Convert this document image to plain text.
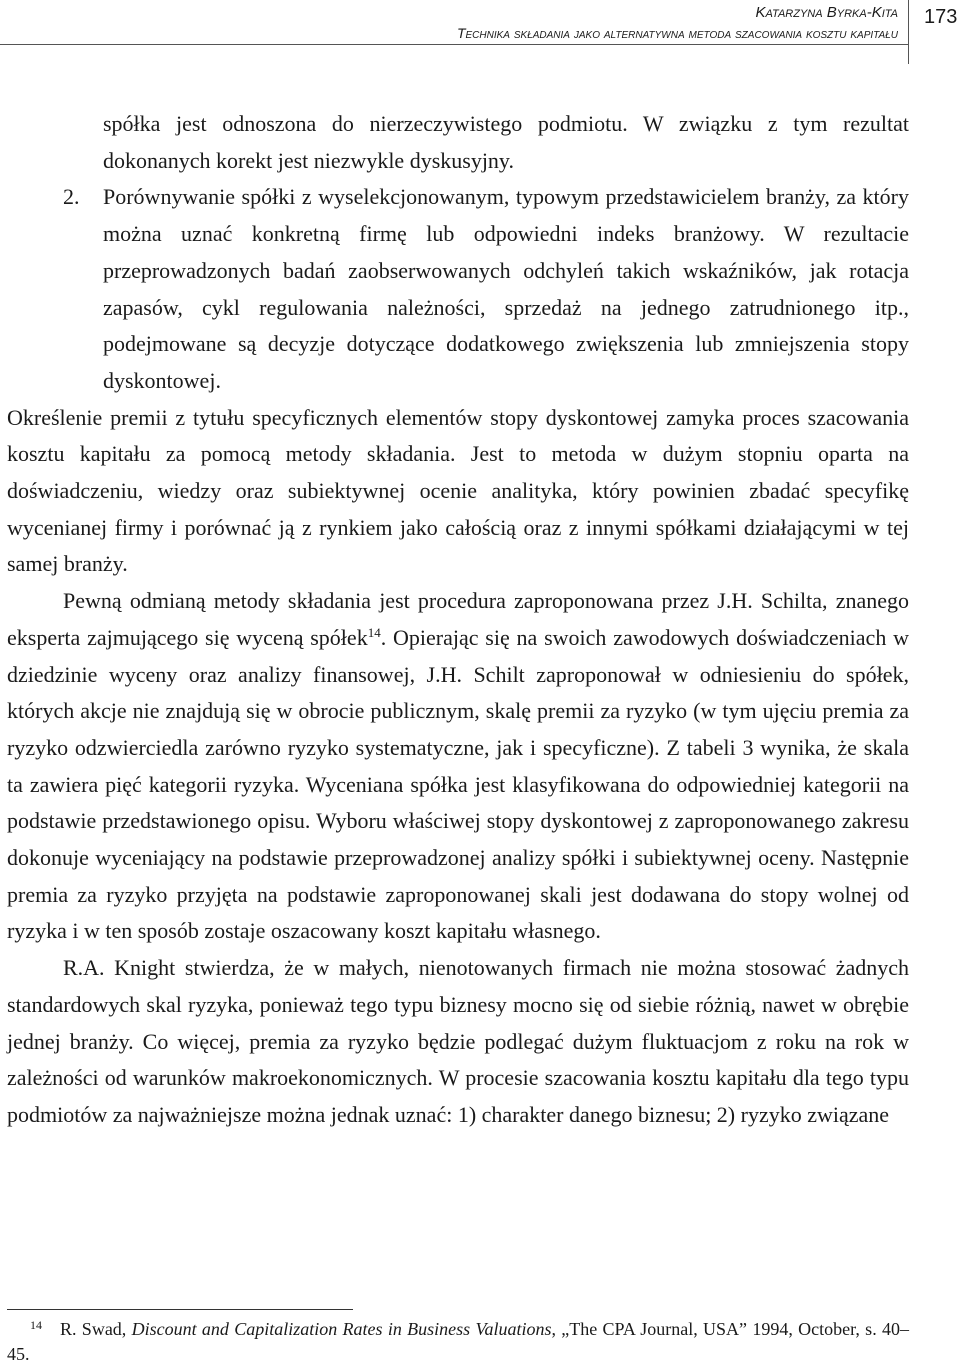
Katarzyna Byrka-Kita
Technika składania jako alternatywna metoda szacowania kosztu kapitału
173

spółka jest odnoszona do nierzeczywistego podmiotu. W związku z tym rezultat dokonanych korekt jest niezwykle dyskusyjny.

2. Porównywanie spółki z wyselekcjonowanym, typowym przedstawicielem branży, za który można uznać konkretną firmę lub odpowiedni indeks branżowy. W rezultacie przeprowadzonych badań zaobserwowanych odchyleń takich wskaźników, jak rotacja zapasów, cykl regulowania należności, sprzedaż na jednego zatrudnionego itp., podejmowane są decyzje dotyczące dodatkowego zwiększenia lub zmniejszenia stopy dyskontowej.

Określenie premii z tytułu specyficznych elementów stopy dyskontowej zamyka proces szacowania kosztu kapitału za pomocą metody składania. Jest to metoda w dużym stopniu oparta na doświadczeniu, wiedzy oraz subiektywnej ocenie analityka, który powinien zbadać specyfikę wycenianej firmy i porównać ją z rynkiem jako całością oraz z innymi spółkami działającymi w tej samej branży.

Pewną odmianą metody składania jest procedura zaproponowana przez J.H. Schilta, znanego eksperta zajmującego się wyceną spółek$^{14}$. Opierając się na swoich zawodowych doświadczeniach w dziedzinie wyceny oraz analizy finansowej, J.H. Schilt zaproponował w odniesieniu do spółek, których akcje nie znajdują się w obrocie publicznym, skalę premii za ryzyko (w tym ujęciu premia za ryzyko odzwierciedla zarówno ryzyko systematyczne, jak i specyficzne). Z tabeli 3 wynika, że skala ta zawiera pięć kategorii ryzyka. Wyceniana spółka jest klasyfikowana do odpowiedniej kategorii na podstawie przedstawionego opisu. Wyboru właściwej stopy dyskontowej z zaproponowanego zakresu dokonuje wyceniający na podstawie przeprowadzonej analizy spółki i subiektywnej oceny. Następnie premia za ryzyko przyjęta na podstawie zaproponowanej skali jest dodawana do stopy wolnej od ryzyka i w ten sposób zostaje oszacowany koszt kapitału własnego.

R.A. Knight stwierdza, że w małych, nienotowanych firmach nie można stosować żadnych standardowych skal ryzyka, ponieważ tego typu biznesy mocno się od siebie różnią, nawet w obrębie jednej branży. Co więcej, premia za ryzyko będzie podlegać dużym fluktuacjom z roku na rok w zależności od warunków makroekonomicznych. W procesie szacowania kosztu kapitału dla tego typu podmiotów za najważniejsze można jednak uznać: 1) charakter danego biznesu; 2) ryzyko związane

$^{14}$ R. Swad, Discount and Capitalization Rates in Business Valuations, „The CPA Journal, USA” 1994, October, s. 40–45.
